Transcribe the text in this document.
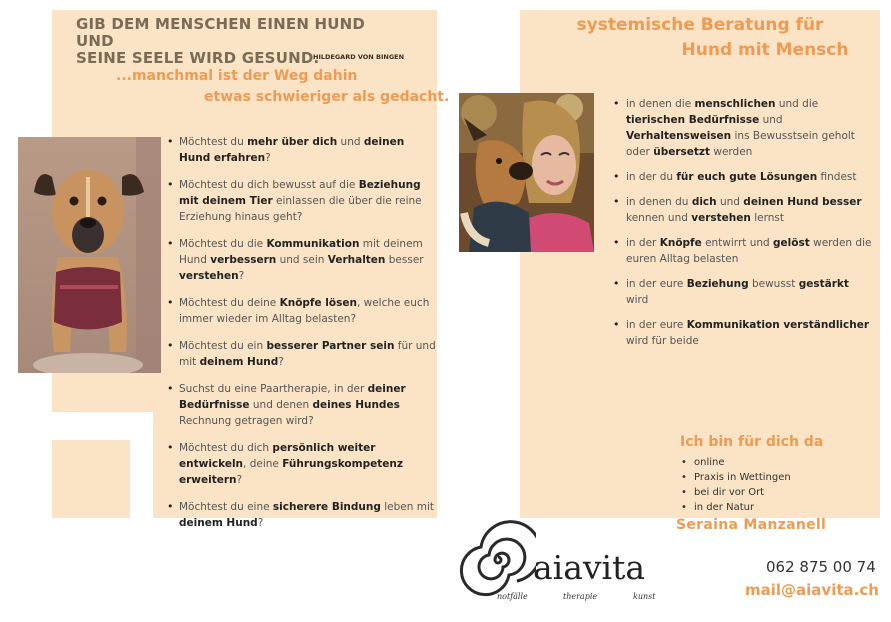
GIB DEM MENSCHEN EINEN HUND UND
SEINE SEELE WIRD GESUND.
HILDEGARD VON BINGEN
...manchmal ist der Weg dahin
etwas schwieriger als gedacht.
• Möchtest du mehr über dich und deinen Hund erfahren?
• Möchtest du dich bewusst auf die Beziehung mit deinem Tier einlassen die über die reine Erziehung hinaus geht?
• Möchtest du die Kommunikation mit deinem Hund verbessern und sein Verhalten besser verstehen?
• Möchtest du deine Knöpfe lösen, welche euch immer wieder im Alltag belasten?
• Möchtest du ein besserer Partner sein für und mit deinem Hund?
• Suchst du eine Paartherapie, in der deiner Bedürfnisse und denen deines Hundes Rechnung getragen wird?
• Möchtest du dich persönlich weiter entwickeln, deine Führungskompetenz erweitern?
• Möchtest du eine sicherere Bindung leben mit deinem Hund?
systemische Beratung für
Hund mit Mensch
• in denen die menschlichen und die tierischen Bedürfnisse und Verhaltensweisen ins Bewusstsein geholt oder übersetzt werden
• in der du für euch gute Lösungen findest
• in denen du dich und deinen Hund besser kennen und verstehen lernst
• in der Knöpfe entwirrt und gelöst werden die euren Alltag belasten
• in der eure Beziehung bewusst gestärkt wird
• in der eure Kommunikation verständlicher wird für beide
Ich bin für dich da
• online
• Praxis in Wettingen
• bei dir vor Ort
• in der Natur
Seraina Manzanell
aiavita
notfälle	therapie	kunst
062 875 00 74
mail@aiavita.ch
